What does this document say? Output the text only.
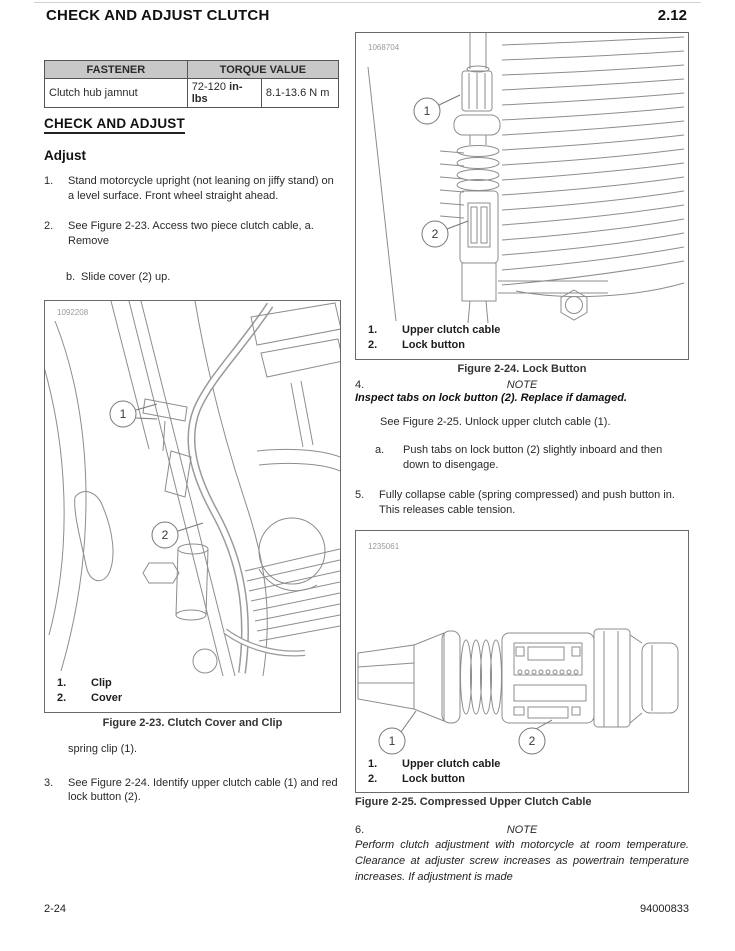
CHECK AND ADJUST CLUTCH	2.12
FASTENER	TORQUE VALUE	
Clutch hub jamnut	72-120 in-lbs	8.1-13.6 N m
CHECK AND ADJUST
Adjust
1.	Stand motorcycle upright (not leaning on jiffy stand) on a level surface. Front wheel straight ahead.
2.	See Figure 2-23. Access two piece clutch cable, a. Remove
b. Slide cover (2) up.
1
2
1092208
1.	Clip
2.	Cover
Figure 2-23. Clutch Cover and Clip
spring clip (1).
3.	See Figure 2-24. Identify upper clutch cable (1) and red lock button (2).
1
2
1068704
1.	Upper clutch cable
2.	Lock button
Figure 2-24. Lock Button
4.	NOTE
Inspect tabs on lock button (2). Replace if damaged.
See Figure 2-25. Unlock upper clutch cable (1).
a.	Push tabs on lock button (2) slightly inboard and then down to disengage.
5.	Fully collapse cable (spring compressed) and push button in. This releases cable tension.
1	2
1235061
1.	Upper clutch cable
2.	Lock button
Figure 2-25. Compressed Upper Clutch Cable
6.	NOTE
Perform clutch adjustment with motorcycle at room temperature. Clearance at adjuster screw increases as powertrain temperature increases. If adjustment is made
2-24	94000833
